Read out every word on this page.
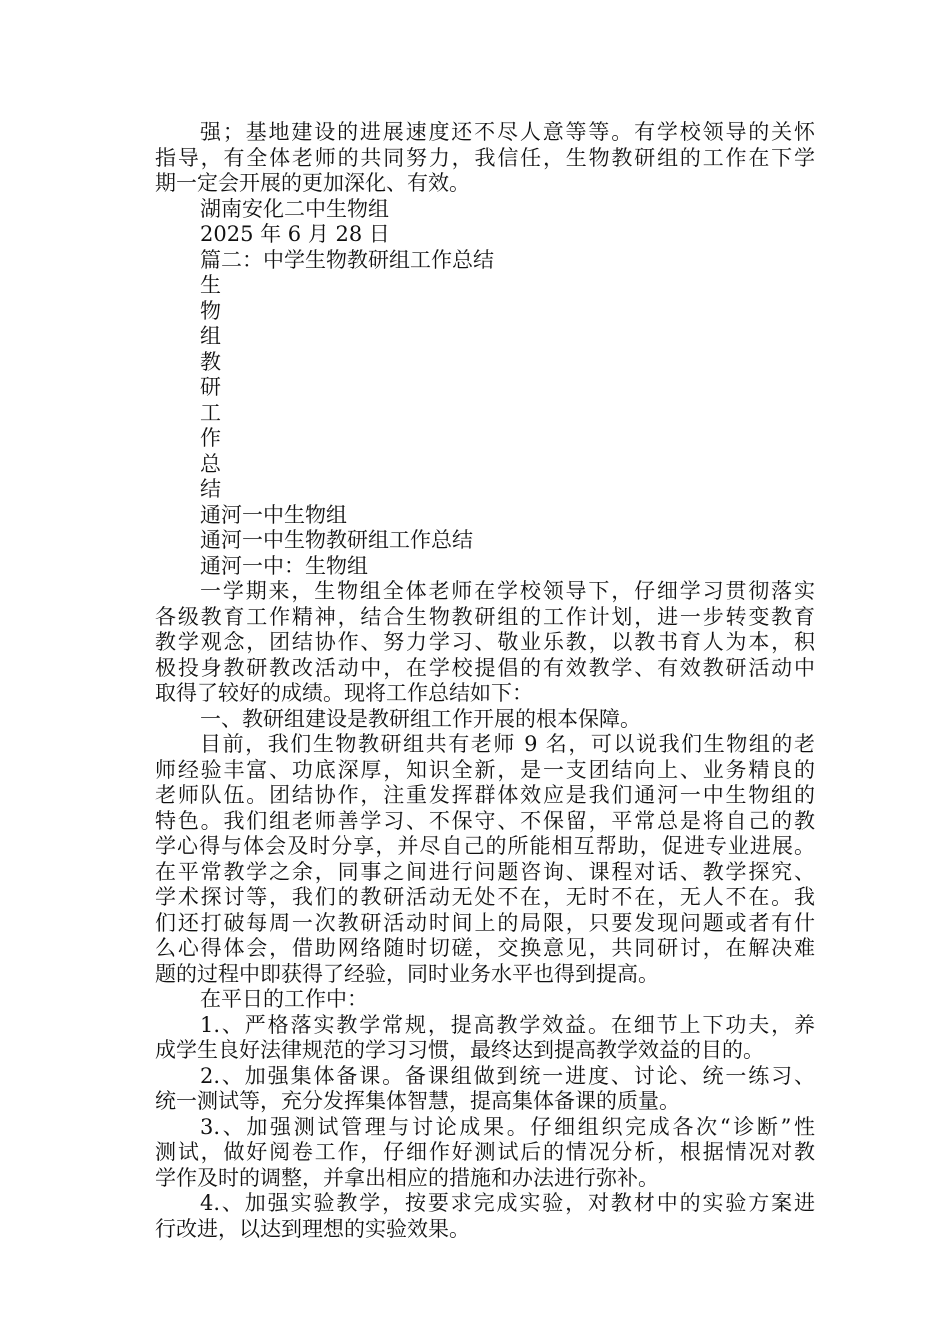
强；基地建设的进展速度还不尽人意等等。有学校领导的关怀
指导，有全体老师的共同努力，我信任，生物教研组的工作在下学
期一定会开展的更加深化、有效。
湖南安化二中生物组
2025 年 6 月 28 日
篇二：中学生物教研组工作总结
生
物
组
教
研
工
作
总
结
通河一中生物组
通河一中生物教研组工作总结
通河一中：生物组
一学期来，生物组全体老师在学校领导下，仔细学习贯彻落实
各级教育工作精神，结合生物教研组的工作计划，进一步转变教育
教学观念，团结协作、努力学习、敬业乐教，以教书育人为本，积
极投身教研教改活动中，在学校提倡的有效教学、有效教研活动中
取得了较好的成绩。现将工作总结如下：
一、教研组建设是教研组工作开展的根本保障。
目前，我们生物教研组共有老师 9 名，可以说我们生物组的老
师经验丰富、功底深厚，知识全新，是一支团结向上、业务精良的
老师队伍。团结协作，注重发挥群体效应是我们通河一中生物组的
特色。我们组老师善学习、不保守、不保留，平常总是将自己的教
学心得与体会及时分享，并尽自己的所能相互帮助，促进专业进展。
在平常教学之余，同事之间进行问题咨询、课程对话、教学探究、
学术探讨等，我们的教研活动无处不在，无时不在，无人不在。我
们还打破每周一次教研活动时间上的局限，只要发现问题或者有什
么心得体会，借助网络随时切磋，交换意见，共同研讨，在解决难
题的过程中即获得了经验，同时业务水平也得到提高。
在平日的工作中：
1.、严格落实教学常规，提高教学效益。在细节上下功夫，养
成学生良好法律规范的学习习惯，最终达到提高教学效益的目的。
2.、加强集体备课。备课组做到统一进度、讨论、统一练习、
统一测试等，充分发挥集体智慧，提高集体备课的质量。
3.、加强测试管理与讨论成果。仔细组织完成各次“诊断”性
测试，做好阅卷工作，仔细作好测试后的情况分析，根据情况对教
学作及时的调整，并拿出相应的措施和办法进行弥补。
4.、加强实验教学，按要求完成实验，对教材中的实验方案进
行改进，以达到理想的实验效果。
